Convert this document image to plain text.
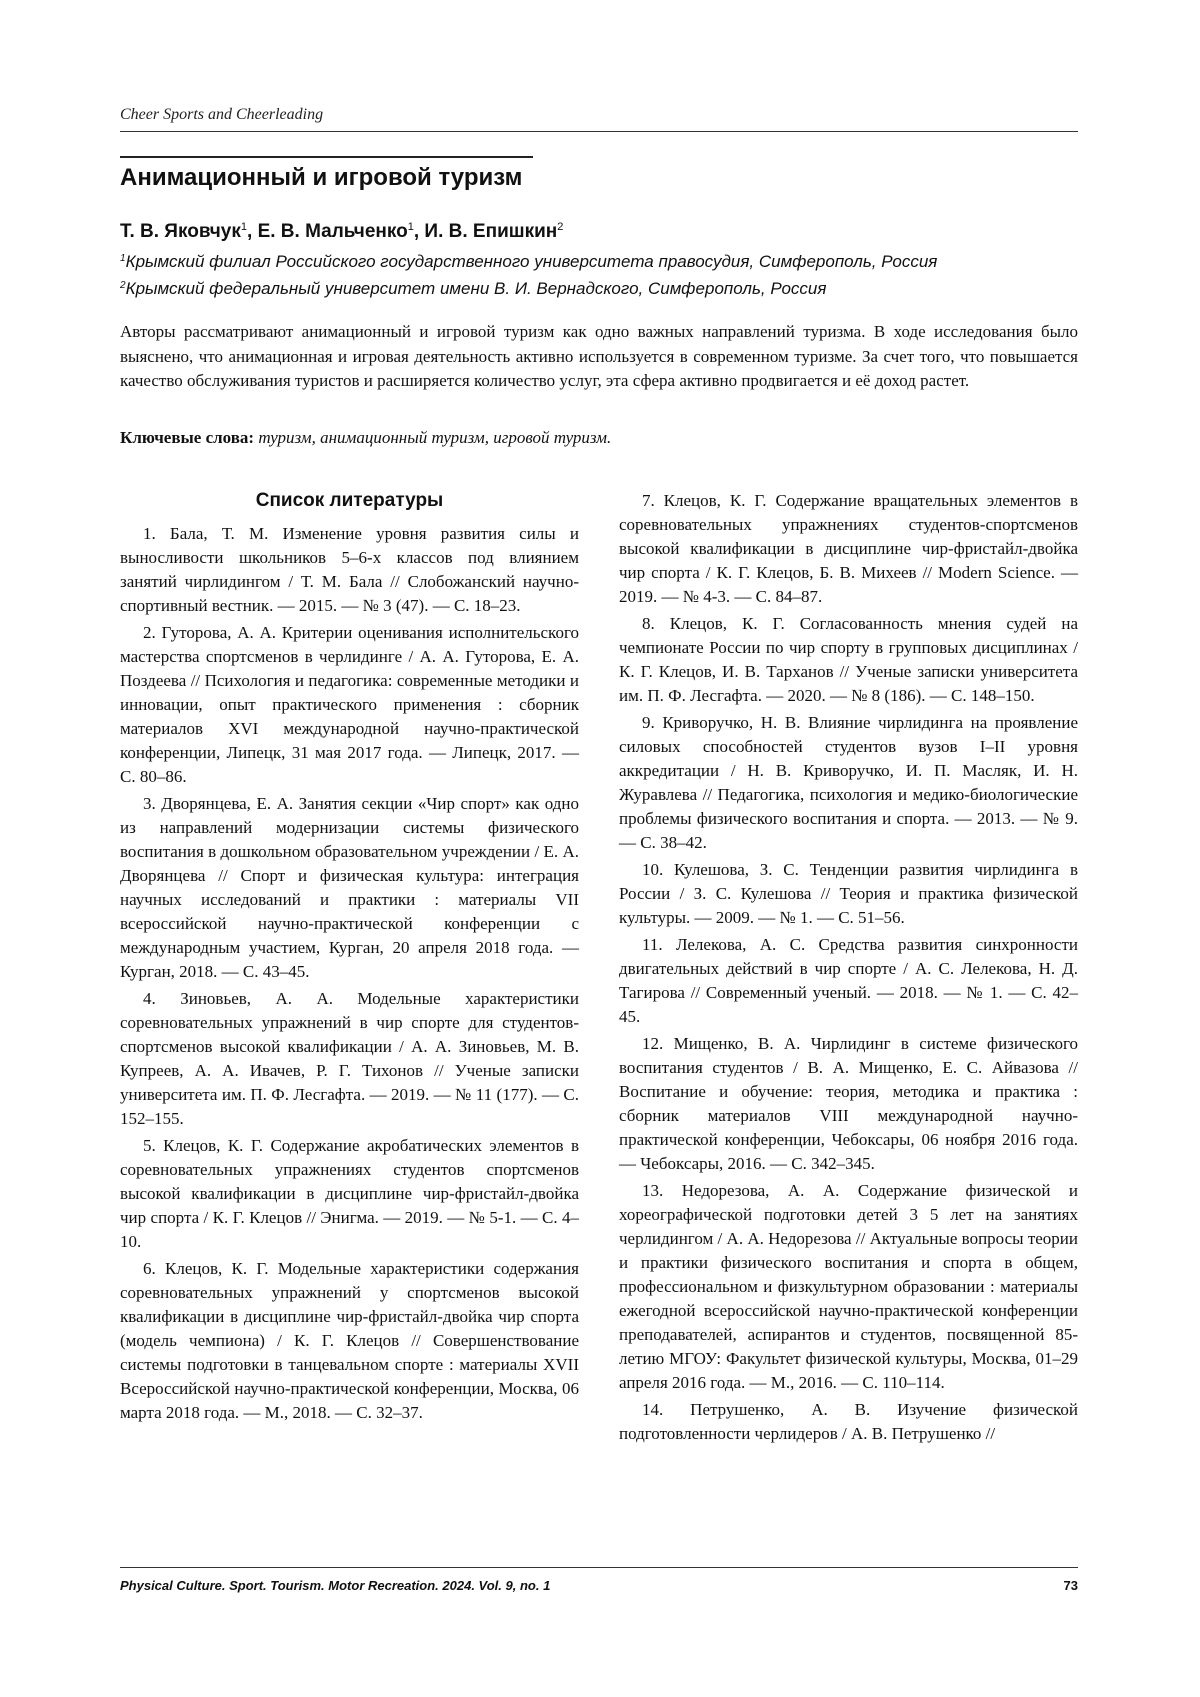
Cheer Sports and Cheerleading
Анимационный и игровой туризм
Т. В. Яковчук$^1$, Е. В. Мальченко$^1$, И. В. Епишкин$^2$
$^1$Крымский филиал Российского государственного университета правосудия, Симферополь, Россия
$^2$Крымский федеральный университет имени В. И. Вернадского, Симферополь, Россия

Авторы рассматривают анимационный и игровой туризм как одно важных направлений туризма. В ходе исследования было выяснено, что анимационная и игровая деятельность активно используется в современном туризме. За счет того, что повышается качество обслуживания туристов и расширяется количество услуг, эта сфера активно продвигается и её доход растет.

Ключевые слова: туризм, анимационный туризм, игровой туризм.
Список литературы

1. Бала, Т. М. Изменение уровня развития силы и выносливости школьников 5–6-х классов под влиянием занятий чирлидингом / Т. М. Бала // Слобожанский научно-спортивный вестник. — 2015. — № 3 (47). — С. 18–23.

2. Гуторова, А. А. Критерии оценивания исполнительского мастерства спортсменов в черлидинге / А. А. Гуторова, Е. А. Поздеева // Психология и педагогика: современные методики и инновации, опыт практического применения : сборник материалов XVI международной научно-практической конференции, Липецк, 31 мая 2017 года. — Липецк, 2017. — С. 80–86.

3. Дворянцева, Е. А. Занятия секции «Чир спорт» как одно из направлений модернизации системы физического воспитания в дошкольном образовательном учреждении / Е. А. Дворянцева // Спорт и физическая культура: интеграция научных исследований и практики : материалы VII всероссийской научно-практической конференции с международным участием, Курган, 20 апреля 2018 года. — Курган, 2018. — С. 43–45.

4. Зиновьев, А. А. Модельные характеристики соревновательных упражнений в чир спорте для студентов-спортсменов высокой квалификации / А. А. Зиновьев, М. В. Купреев, А. А. Ивачев, Р. Г. Тихонов // Ученые записки университета им. П. Ф. Лесгафта. — 2019. — № 11 (177). — С. 152–155.

5. Клецов, К. Г. Содержание акробатических элементов в соревновательных упражнениях студентов спортсменов высокой квалификации в дисциплине чир-фристайл-двойка чир спорта / К. Г. Клецов // Энигма. — 2019. — № 5-1. — С. 4–10.

6. Клецов, К. Г. Модельные характеристики содержания соревновательных упражнений у спортсменов высокой квалификации в дисциплине чир-фристайл-двойка чир спорта (модель чемпиона) / К. Г. Клецов // Совершенствование системы подготовки в танцевальном спорте : материалы XVII Всероссийской научно-практической конференции, Москва, 06 марта 2018 года. — М., 2018. — С. 32–37.

7. Клецов, К. Г. Содержание вращательных элементов в соревновательных упражнениях студентов-спортсменов высокой квалификации в дисциплине чир-фристайл-двойка чир спорта / К. Г. Клецов, Б. В. Михеев // Modern Science. — 2019. — № 4-3. — С. 84–87.

8. Клецов, К. Г. Согласованность мнения судей на чемпионате России по чир спорту в групповых дисциплинах / К. Г. Клецов, И. В. Тарханов // Ученые записки университета им. П. Ф. Лесгафта. — 2020. — № 8 (186). — С. 148–150.

9. Криворучко, Н. В. Влияние чирлидинга на проявление силовых способностей студентов вузов I–II уровня аккредитации / Н. В. Криворучко, И. П. Масляк, И. Н. Журавлева // Педагогика, психология и медико-биологические проблемы физического воспитания и спорта. — 2013. — № 9. — С. 38–42.

10. Кулешова, З. С. Тенденции развития чирлидинга в России / З. С. Кулешова // Теория и практика физической культуры. — 2009. — № 1. — С. 51–56.

11. Лелекова, А. С. Средства развития синхронности двигательных действий в чир спорте / А. С. Лелекова, Н. Д. Тагирова // Современный ученый. — 2018. — № 1. — С. 42–45.

12. Мищенко, В. А. Чирлидинг в системе физического воспитания студентов / В. А. Мищенко, Е. С. Айвазова // Воспитание и обучение: теория, методика и практика : сборник материалов VIII международной научно-практической конференции, Чебоксары, 06 ноября 2016 года. — Чебоксары, 2016. — С. 342–345.

13. Недорезова, А. А. Содержание физической и хореографической подготовки детей 3 5 лет на занятиях черлидингом / А. А. Недорезова // Актуальные вопросы теории и практики физического воспитания и спорта в общем, профессиональном и физкультурном образовании : материалы ежегодной всероссийской научно-практической конференции преподавателей, аспирантов и студентов, посвященной 85-летию МГОУ: Факультет физической культуры, Москва, 01–29 апреля 2016 года. — М., 2016. — С. 110–114.

14. Петрушенко, А. В. Изучение физической подготовленности черлидеров / А. В. Петрушенко //

Physical Culture. Sport. Tourism. Motor Recreation. 2024. Vol. 9, no. 1	73
